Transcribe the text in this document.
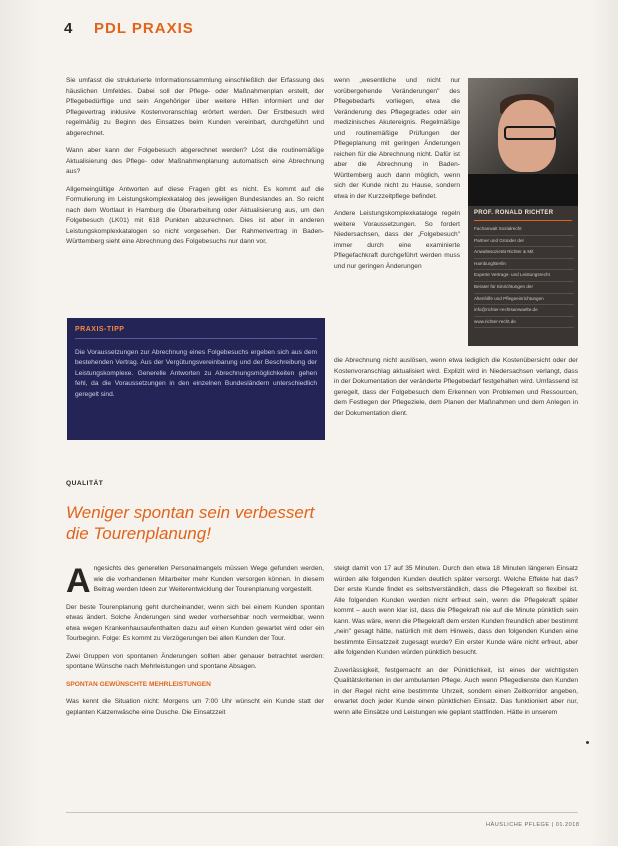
4 PDL PRAXIS

Sie umfasst die strukturierte Informationssammlung einschließlich der Erfassung des häuslichen Umfeldes. Dabei soll der Pflege- oder Maßnahmenplan erstellt, der Pflegebedürftige und sein Angehöriger über weitere Hilfen informiert und der Pflegevertrag inklusive Kostenvoranschlag erörtert werden. Der Erstbesuch wird regelmäßig zu Beginn des Einsatzes beim Kunden vereinbart, durchgeführt und abgerechnet.

Wann aber kann der Folgebesuch abgerechnet werden? Löst die routinemäßige Aktualisierung des Pflege- oder Maßnahmenplanung automatisch eine Abrechnung aus?

Allgemeingültige Antworten auf diese Fragen gibt es nicht. Es kommt auf die Formulierung im Leistungskomplexkatalog des jeweiligen Bundeslandes an. So reicht nach dem Wortlaut in Hamburg die Überarbeitung oder Aktualisierung aus, um den Folgebesuch (LK01) mit 618 Punkten abzurechnen. Dies ist aber in anderen Leistungskomplexkatalogen so nicht vorgesehen. Der Rahmenvertrag in Baden-Württemberg sieht eine Abrechnung des Folgebesuchs nur dann vor,

wenn „wesentliche und nicht nur vorübergehende Veränderungen" des Pflegebedarfs vorliegen, etwa die Veränderung des Pflegegrades oder ein medizinisches Akutereignis. Regelmäßige und routinemäßige Prüfungen der Pflegeplanung mit geringen Änderungen reichen für die Abrechnung nicht. Dafür ist aber die Abrechnung in Baden-Württemberg auch dann möglich, wenn sich der Kunde nicht zu Hause, sondern etwa in der Kurzzeitpflege befindet.

Andere Leistungskomplexkataloge regeln weitere Voraussetzungen. So fordert Niedersachsen, dass der „Folgebesuch" immer durch eine examinierte Pflegefachkraft durchgeführt werden muss und nur geringen Änderungen

die Abrechnung nicht auslösen, wenn etwa lediglich die Kostenübersicht oder der Kostenvoranschlag aktualisiert wird. Explizit wird in Niedersachsen verlangt, dass in der Dokumentation der veränderte Pflegebedarf festgehalten wird. Umfassend ist geregelt, dass der Folgebesuch dem Erkennen von Problemen und Ressourcen, dem Festlegen der Pflegeziele, dem Planen der Maßnahmen und dem Anlegen in der Dokumentation dient.

PROF. RONALD RICHTER
Fachanwalt Sozialrecht
Partner und Gründer der
Anwaltssozietät Richter & Mit
Hamburg/Berlin
Experte Vertrags- und Leistungsrecht
Berater für Einrichtungen der
Altenhilfe und Pflegeeinrichtungen
info@richter-rechtsanwaelte.de
www.richter-recht.de
PRAXIS-TIPP
Die Voraussetzungen zur Abrechnung eines Folgebesuchs ergeben sich aus dem bestehenden Vertrag. Aus der Vergütungsvereinbarung und der Beschreibung der Leistungskomplexe. Generelle Antworten zu Abrechnungsmöglichkeiten gehen fehl, da die Voraussetzungen in den einzelnen Bundesländern unterschiedlich geregelt sind.
QUALITÄT
Weniger spontan sein verbessert
die Tourenplanung!

Angesichts des generellen Personalmangels müssen Wege gefunden werden, wie die vorhandenen Mitarbeiter mehr Kunden versorgen können. In diesem Beitrag werden Ideen zur Weiterentwicklung der Tourenplanung vorgestellt.

Der beste Tourenplanung geht durcheinander, wenn sich bei einem Kunden spontan etwas ändert. Solche Änderungen sind weder vorhersehbar noch vermeidbar, wenn etwa wegen Krankenhausaufenthalten dazu auf einen Kunden gewartet wird oder ein Tourbeginn. Folge: Es kommt zu Verzögerungen bei allen Kunden der Tour.

Zwei Gruppen von spontanen Änderungen sollten aber genauer betrachtet werden: spontane Wünsche nach Mehrleistungen und spontane Absagen.

SPONTAN GEWÜNSCHTE MEHRLEISTUNGEN

Was kennt die Situation nicht: Morgens um 7:00 Uhr wünscht ein Kunde statt der geplanten Katzenwäsche eine Dusche. Die Einsatzzeit

steigt damit von 17 auf 35 Minuten. Durch den etwa 18 Minuten längeren Einsatz würden alle folgenden Kunden deutlich später versorgt. Welche Effekte hat das? Der erste Kunde findet es selbstverständlich, dass die Pflegekraft so flexibel ist. Alle folgenden Kunden werden nicht erfreut sein, wenn die Pflegekraft später kommt – auch wenn klar ist, dass die Pflegekraft nie auf die Minute pünktlich sein kann. Was wäre, wenn die Pflegekraft dem ersten Kunden freundlich aber bestimmt „nein" gesagt hätte, natürlich mit dem Hinweis, dass den folgenden Kunden eine bestimmte Einsatzzeit zugesagt wurde? Ein erster Kunde wäre nicht erfreut, aber alle folgenden Kunden würden pünktlich besucht.

Zuverlässigkeit, festgemacht an der Pünktlichkeit, ist eines der wichtigsten Qualitätskriterien in der ambulanten Pflege. Auch wenn Pflegedienste den Kunden in der Regel nicht eine bestimmte Uhrzeit, sondern einen Zeitkorridor angeben, erwartet doch jeder Kunde einen pünktlichen Einsatz. Das funktioniert aber nur, wenn alle Einsätze und Leistungen wie geplant stattfinden. Hätte in unserem

HÄUSLICHE PFLEGE | 01.2018
